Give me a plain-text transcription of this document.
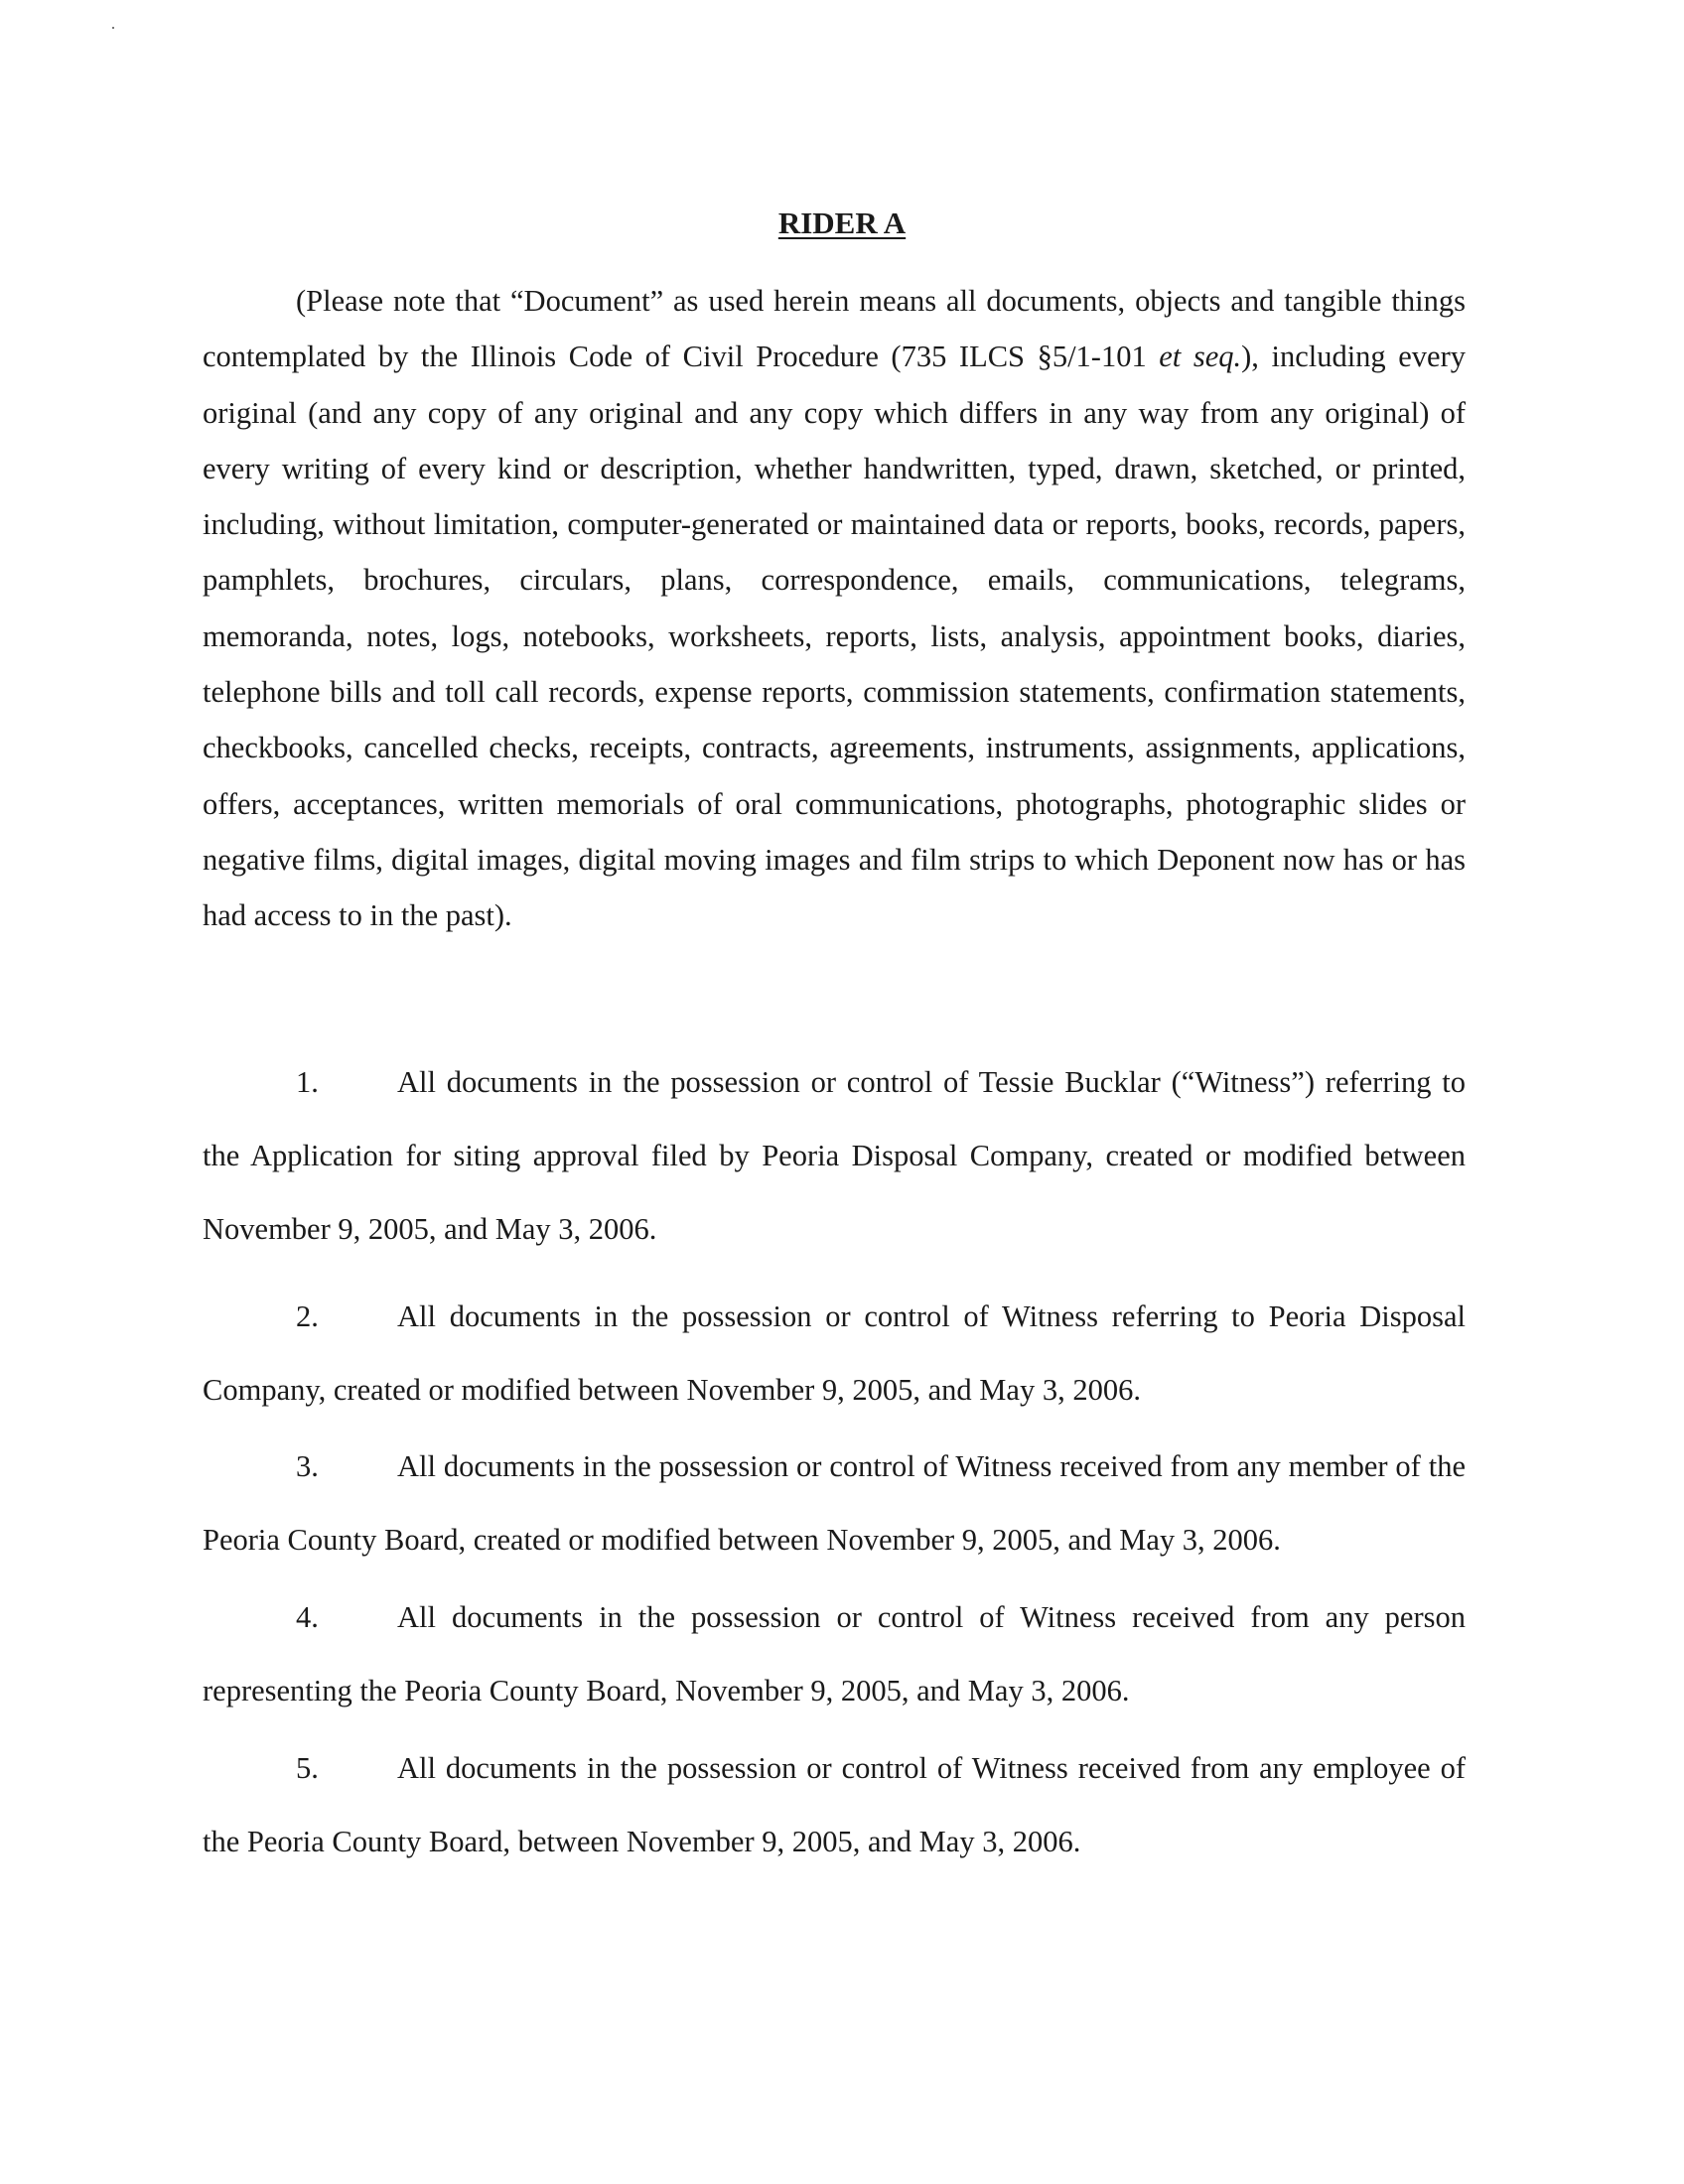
RIDER A

(Please note that “Document” as used herein means all documents, objects and tangible things contemplated by the Illinois Code of Civil Procedure (735 ILCS §5/1-101 et seq.), including every original (and any copy of any original and any copy which differs in any way from any original) of every writing of every kind or description, whether handwritten, typed, drawn, sketched, or printed, including, without limitation, computer-generated or maintained data or reports, books, records, papers, pamphlets, brochures, circulars, plans, correspondence, emails, communications, telegrams, memoranda, notes, logs, notebooks, worksheets, reports, lists, analysis, appointment books, diaries, telephone bills and toll call records, expense reports, commission statements, confirmation statements, checkbooks, cancelled checks, receipts, contracts, agreements, instruments, assignments, applications, offers, acceptances, written memorials of oral communications, photographs, photographic slides or negative films, digital images, digital moving images and film strips to which Deponent now has or has had access to in the past).

1.	All documents in the possession or control of Tessie Bucklar (“Witness”) referring to the Application for siting approval filed by Peoria Disposal Company, created or modified between November 9, 2005, and May 3, 2006.

2.	All documents in the possession or control of Witness referring to Peoria Disposal Company, created or modified between November 9, 2005, and May 3, 2006.

3.	All documents in the possession or control of Witness received from any member of the Peoria County Board, created or modified between November 9, 2005, and May 3, 2006.

4.	All documents in the possession or control of Witness received from any person representing the Peoria County Board, November 9, 2005, and May 3, 2006.

5.	All documents in the possession or control of Witness received from any employee of the Peoria County Board, between November 9, 2005, and May 3, 2006.
